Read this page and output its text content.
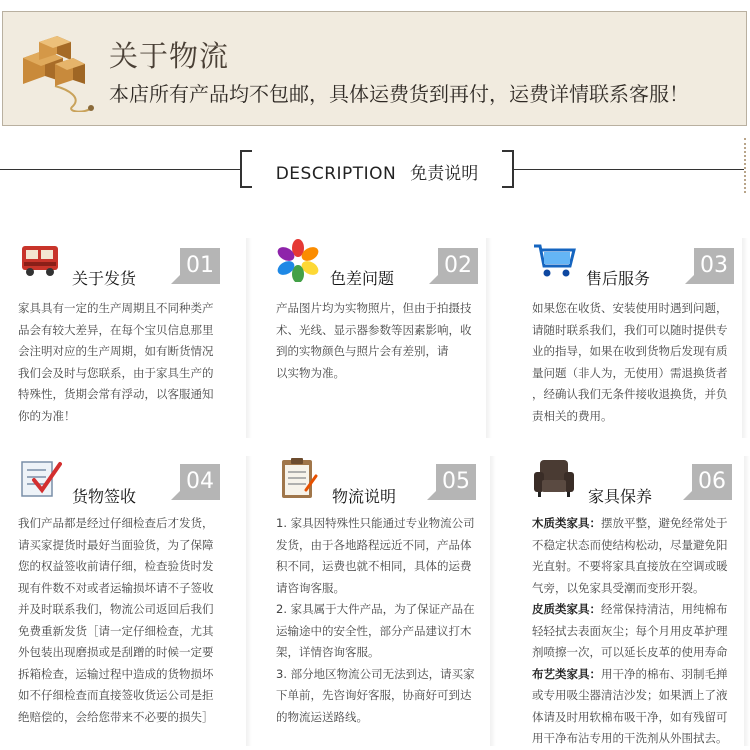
关于物流
本店所有产品均不包邮，具体运费货到再付，运费详情联系客服！
DESCRIPTION 免责说明
关于发货
01

家具具有一定的生产周期且不同种类产

品会有较大差异，在每个宝贝信息那里

会注明对应的生产周期，如有断货情况

我们会及时与您联系，由于家具生产的

特殊性，货期会常有浮动，以客服通知

你的为准！

色差问题
02

产品图片均为实物照片，但由于拍摄技

术、光线、显示器参数等因素影响，收

到的实物颜色与照片会有差别，请

以实物为准。

售后服务
03

如果您在收货、安装使用时遇到问题，

请随时联系我们，我们可以随时提供专

业的指导，如果在收到货物后发现有质

量问题（非人为，无使用）需退换货者

，经确认我们无条件接收退换货，并负

责相关的费用。

货物签收
04

我们产品都是经过仔细检查后才发货，

请买家提货时最好当面验货，为了保障

您的权益签收前请仔细，检查验货时发

现有件数不对或者运输损坏请不子签收

并及时联系我们，物流公司返回后我们

免费重新发货［请一定仔细检查，尤其

外包装出现磨损或是刮蹭的时候一定要

拆箱检查，运输过程中造成的货物损坏

如不仔细检查而直接签收货运公司是拒

绝赔偿的，会给您带来不必要的损失］

物流说明
05

1. 家具因特殊性只能通过专业物流公司

发货，由于各地路程远近不同，产品体

积不同，运费也就不相同，具体的运费

请咨询客服。

2. 家具属于大件产品，为了保证产品在

运输途中的安全性，部分产品建议打木

架，详情咨询客服。

3. 部分地区物流公司无法到达，请买家

下单前，先咨询好客服，协商好可到达

的物流运送路线。

家具保养
06

木质类家具：摆放平整，避免经常处于

不稳定状态而使结构松动，尽量避免阳

光直射。不要将家具直接放在空调或暖

气旁，以免家具受潮而变形开裂。

皮质类家具：经常保持清洁，用纯棉布

轻轻拭去表面灰尘；每个月用皮革护理

剂喷擦一次，可以延长皮革的使用寿命

布艺类家具：用干净的棉布、羽制毛掸

或专用吸尘器清洁沙发；如果洒上了液

体请及时用软棉布吸干净，如有残留可

用干净布沾专用的干洗剂从外围拭去。
